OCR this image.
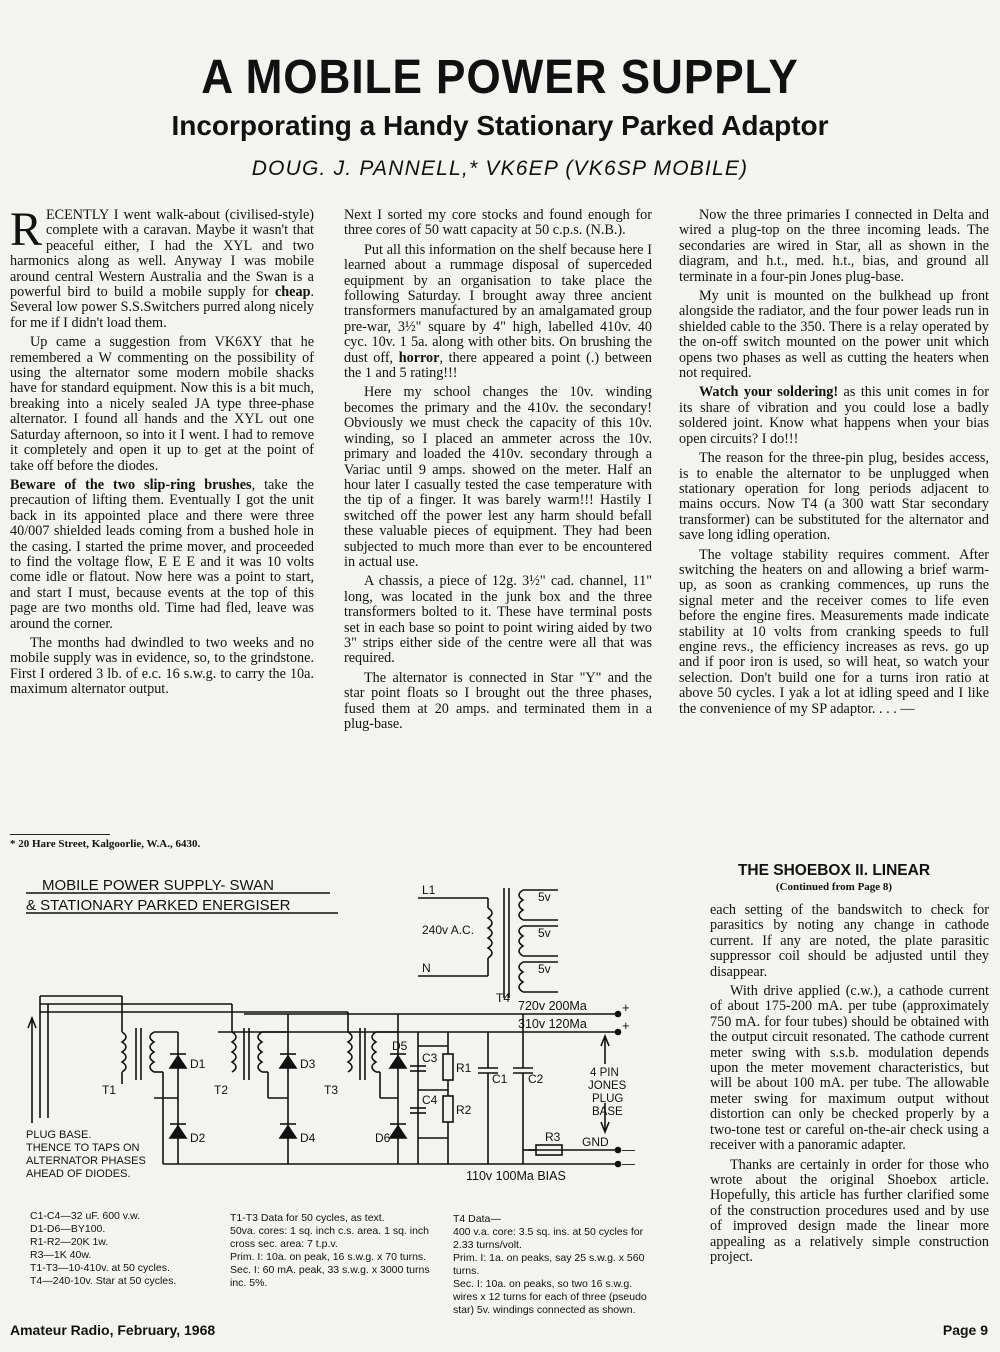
A MOBILE POWER SUPPLY
Incorporating a Handy Stationary Parked Adaptor
DOUG. J. PANNELL,* VK6EP (VK6SP MOBILE)

RECENTLY I went walk-about (civilised-style) complete with a caravan. Maybe it wasn't that peaceful either, I had the XYL and two harmonics along as well. Anyway I was mobile around central Western Australia and the Swan is a powerful bird to build a mobile supply for cheap. Several low power S.S.Switchers purred along nicely for me if I didn't load them.

Up came a suggestion from VK6XY that he remembered a W commenting on the possibility of using the alternator some modern mobile shacks have for standard equipment. Now this is a bit much, breaking into a nicely sealed JA type three-phase alternator. I found all hands and the XYL out one Saturday afternoon, so into it I went. I had to remove it completely and open it up to get at the point of take off before the diodes.

Beware of the two slip-ring brushes, take the precaution of lifting them. Eventually I got the unit back in its appointed place and there were three 40/007 shielded leads coming from a bushed hole in the casing. I started the prime mover, and proceeded to find the voltage flow, E E E and it was 10 volts come idle or flatout. Now here was a point to start, and start I must, because events at the top of this page are two months old. Time had fled, leave was around the corner.

The months had dwindled to two weeks and no mobile supply was in evidence, so, to the grindstone. First I ordered 3 lb. of e.c. 16 s.w.g. to carry the 10a. maximum alternator output.

* 20 Hare Street, Kalgoorlie, W.A., 6430.

Next I sorted my core stocks and found enough for three cores of 50 watt capacity at 50 c.p.s. (N.B.).

Put all this information on the shelf because here I learned about a rummage disposal of superceded equipment by an organisation to take place the following Saturday. I brought away three ancient transformers manufactured by an amalgamated group pre-war, 3½" square by 4" high, labelled 410v. 40 cyc. 10v. 1 5a. along with other bits. On brushing the dust off, horror, there appeared a point (.) between the 1 and 5 rating!!!

Here my school changes the 10v. winding becomes the primary and the 410v. the secondary! Obviously we must check the capacity of this 10v. winding, so I placed an ammeter across the 10v. primary and loaded the 410v. secondary through a Variac until 9 amps. showed on the meter. Half an hour later I casually tested the case temperature with the tip of a finger. It was barely warm!!! Hastily I switched off the power lest any harm should befall these valuable pieces of equipment. They had been subjected to much more than ever to be encountered in actual use.

A chassis, a piece of 12g. 3½" cad. channel, 11" long, was located in the junk box and the three transformers bolted to it. These have terminal posts set in each base so point to point wiring aided by two 3" strips either side of the centre were all that was required.

The alternator is connected in Star "Y" and the star point floats so I brought out the three phases, fused them at 20 amps. and terminated them in a plug-base.

Now the three primaries I connected in Delta and wired a plug-top on the three incoming leads. The secondaries are wired in Star, all as shown in the diagram, and h.t., med. h.t., bias, and ground all terminate in a four-pin Jones plug-base.

My unit is mounted on the bulkhead up front alongside the radiator, and the four power leads run in shielded cable to the 350. There is a relay operated by the on-off switch mounted on the power unit which opens two phases as well as cutting the heaters when not required.

Watch your soldering! as this unit comes in for its share of vibration and you could lose a badly soldered joint. Know what happens when your bias open circuits? I do!!!

The reason for the three-pin plug, besides access, is to enable the alternator to be unplugged when stationary operation for long periods adjacent to mains occurs. Now T4 (a 300 watt Star secondary transformer) can be substituted for the alternator and save long idling operation.

The voltage stability requires comment. After switching the heaters on and allowing a brief warm-up, as soon as cranking commences, up runs the signal meter and the receiver comes to life even before the engine fires. Measurements made indicate stability at 10 volts from cranking speeds to full engine revs., the efficiency increases as revs. go up and if poor iron is used, so will heat, so watch your selection. Don't build one for a turns iron ratio at above 50 cycles. I yak a lot at idling speed and I like the convenience of my SP adaptor. . . . —

THE SHOEBOX II. LINEAR
(Continued from Page 8)

each setting of the bandswitch to check for parasitics by noting any change in cathode current. If any are noted, the plate parasitic suppressor coil should be adjusted until they disappear.

With drive applied (c.w.), a cathode current of about 175-200 mA. per tube (approximately 750 mA. for four tubes) should be obtained with the output circuit resonated. The cathode current meter swing with s.s.b. modulation depends upon the meter movement characteristics, but will be about 100 mA. per tube. The allowable meter swing for maximum output without distortion can only be checked properly by a two-tone test or careful on-the-air check using a receiver with a panoramic adapter.

Thanks are certainly in order for those who wrote about the original Shoebox article. Hopefully, this article has further clarified some of the construction procedures used and by use of improved design made the linear more appealing as a relatively simple construction project.

MOBILE POWER SUPPLY- SWAN
& STATIONARY PARKED ENERGISER
L1
240v A.C.
N
T4
5v
5v
5v
720v 200Ma
310v 120Ma
+
+
—
—
GND
110v 100Ma BIAS
4 PIN
JONES
PLUG
BASE
T1	T2	T3
D1
D2
D3
D4
D5
D6
C1 C2
C3
C4
R1
R2
R3
PLUG BASE.
THENCE TO TAPS ON
ALTERNATOR PHASES
AHEAD OF DIODES.
C1-C4—32 uF. 600 v.w.
D1-D6—BY100.
R1-R2—20K 1w.
R3—1K 40w.
T1-T3—10-410v. at 50 cycles.
T4—240-10v. Star at 50 cycles.
T1-T3 Data for 50 cycles, as text.
50va. cores: 1 sq. inch c.s. area. 1 sq. inch cross sec. area: 7 t.p.v.
Prim. I: 10a. on peak, 16 s.w.g. x 70 turns.
Sec. I: 60 mA. peak, 33 s.w.g. x 3000 turns inc. 5%.
T4 Data—
400 v.a. core: 3.5 sq. ins. at 50 cycles for 2.33 turns/volt.
Prim. I: 1a. on peaks, say 25 s.w.g. x 560 turns.
Sec. I: 10a. on peaks, so two 16 s.w.g. wires x 12 turns for each of three (pseudo star) 5v. windings connected as shown.
Amateur Radio, February, 1968	Page 9
